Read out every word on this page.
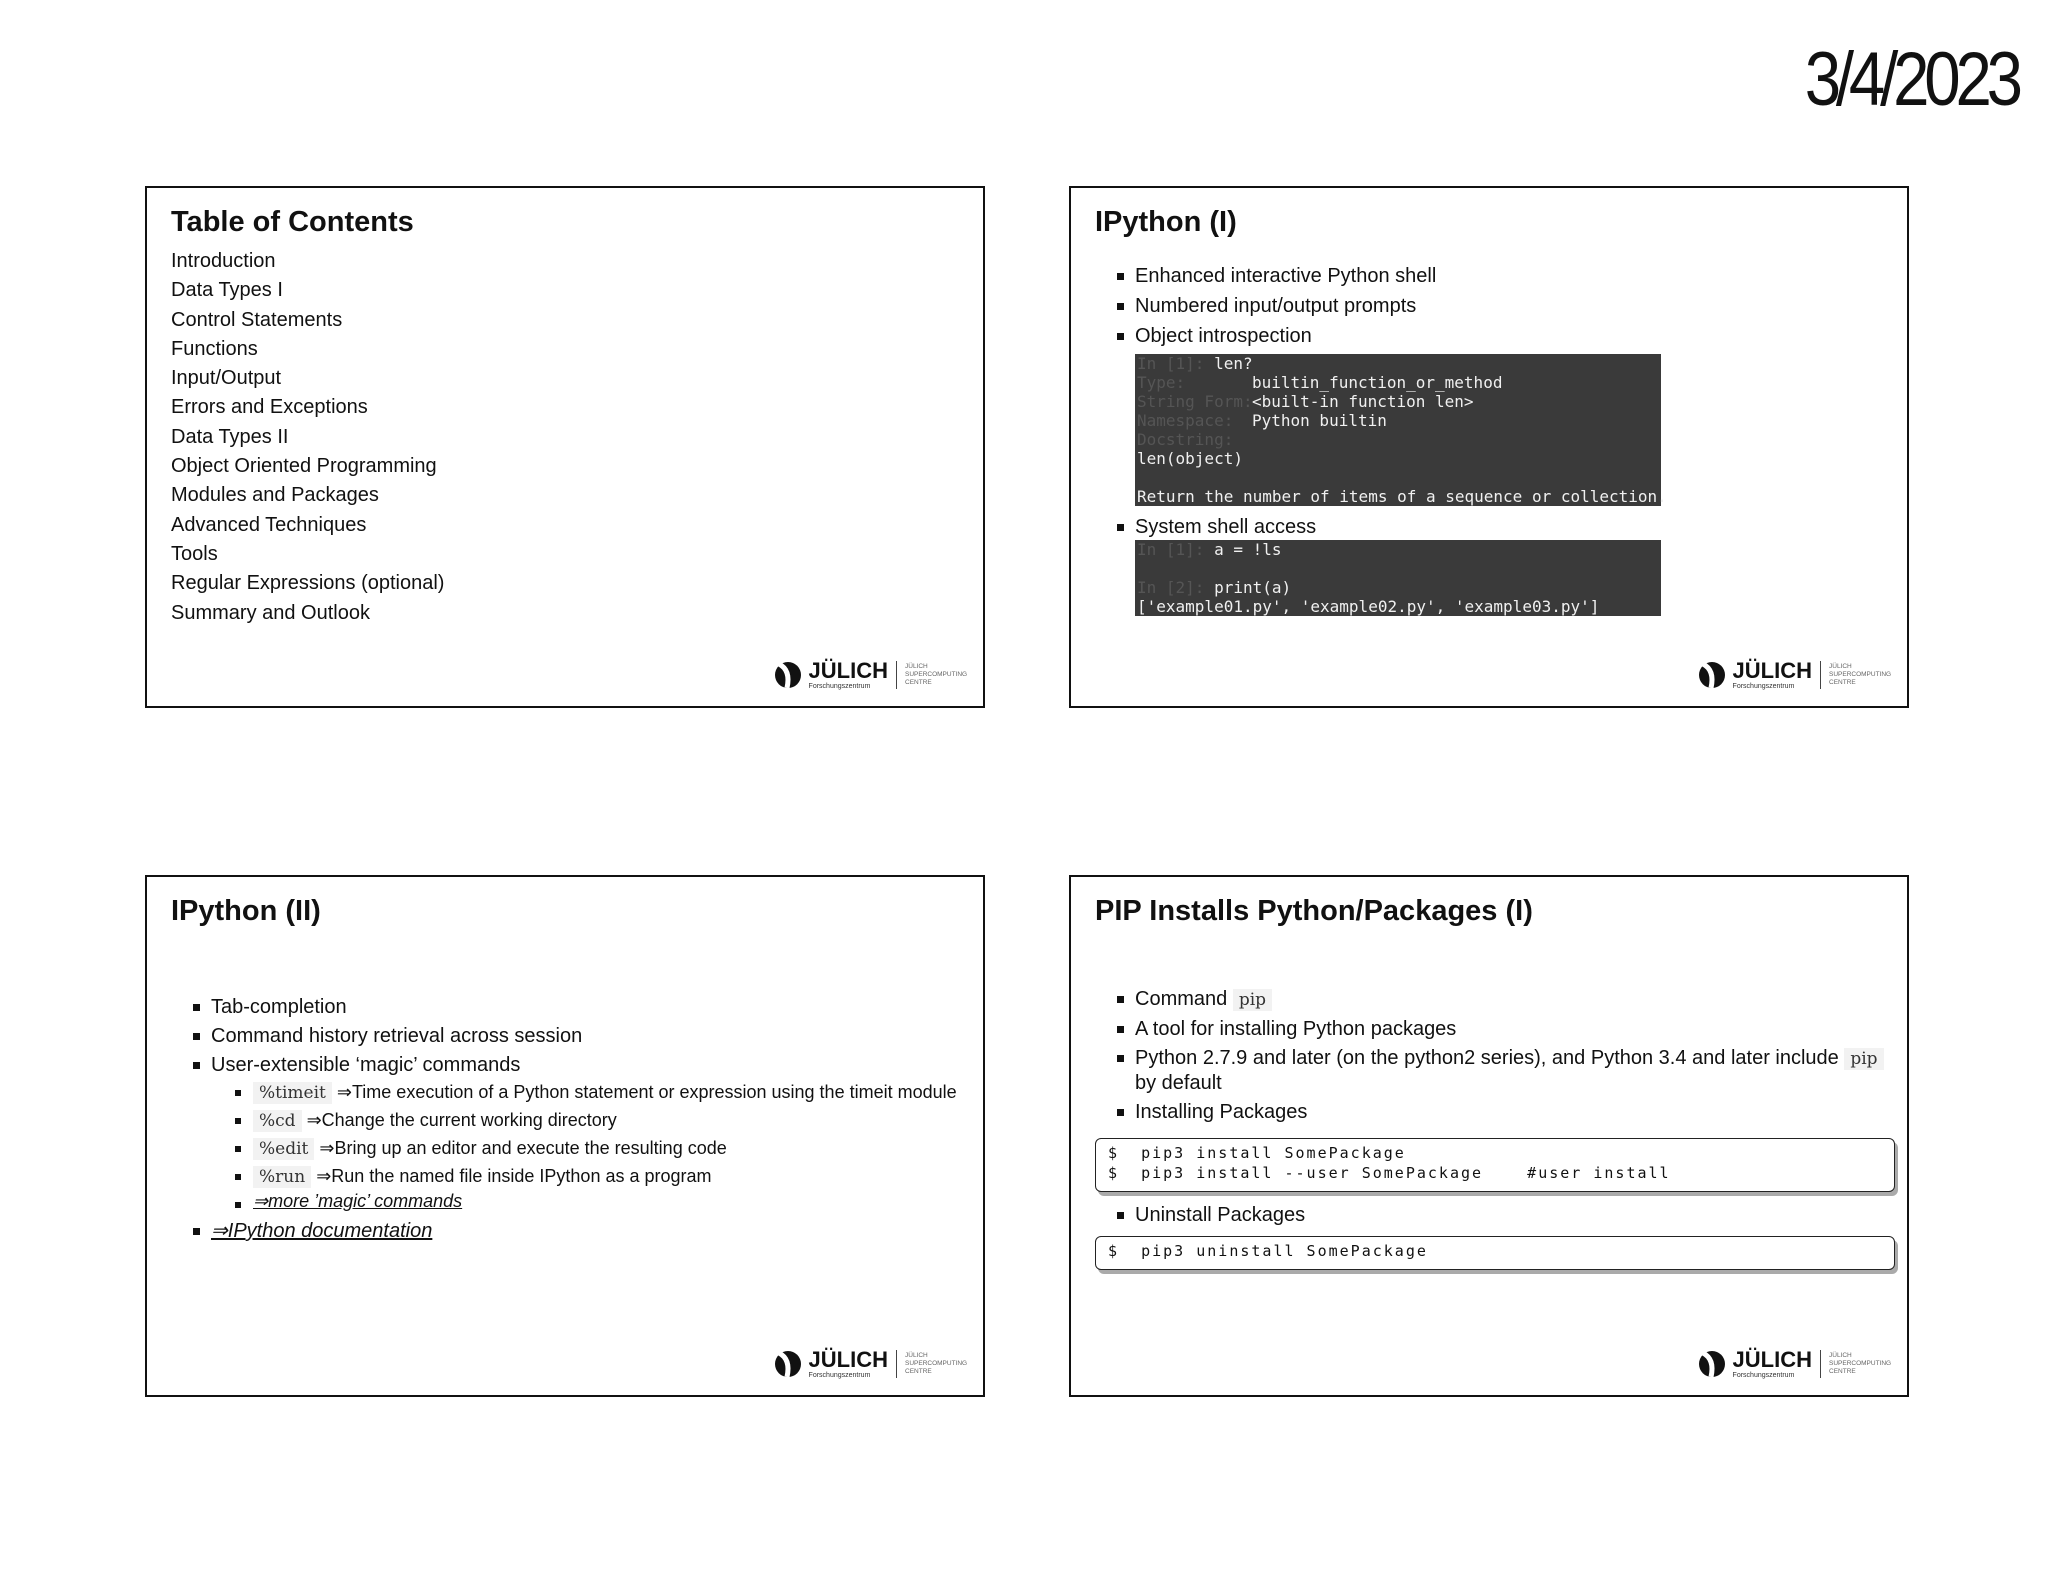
3/4/2023
Table of Contents
Introduction
Data Types I
Control Statements
Functions
Input/Output
Errors and Exceptions
Data Types II
Object Oriented Programming
Modules and Packages
Advanced Techniques
Tools
Regular Expressions (optional)
Summary and Outlook
JÜLICH
Forschungszentrum
JÜLICH SUPERCOMPUTING CENTRE
IPython (I)
Enhanced interactive Python shell
Numbered input/output prompts
Object introspection
In [1]: len?
Type:	builtin_function_or_method
String Form:<built-in function len>
Namespace: Python builtin
Docstring:
len(object)

Return the number of items of a sequence or collection.
System shell access
In [1]: a = !ls

In [2]: print(a)
['example01.py', 'example02.py', 'example03.py']
JÜLICH
Forschungszentrum
JÜLICH SUPERCOMPUTING CENTRE
IPython (II)
Tab-completion
Command history retrieval across session
User-extensible ‘magic’ commands
%timeit ⇒Time execution of a Python statement or expression using the timeit module
%cd ⇒Change the current working directory
%edit ⇒Bring up an editor and execute the resulting code
%run ⇒Run the named file inside IPython as a program
⇒more ’magic’ commands
⇒IPython documentation
JÜLICH
Forschungszentrum
JÜLICH SUPERCOMPUTING CENTRE
PIP Installs Python/Packages (I)
Command pip
A tool for installing Python packages
Python 2.7.9 and later (on the python2 series), and Python 3.4 and later include pip
by default
Installing Packages
$  pip3 install SomePackage
$  pip3 install --user SomePackage    #user install
Uninstall Packages
$  pip3 uninstall SomePackage
JÜLICH
Forschungszentrum
JÜLICH SUPERCOMPUTING CENTRE
